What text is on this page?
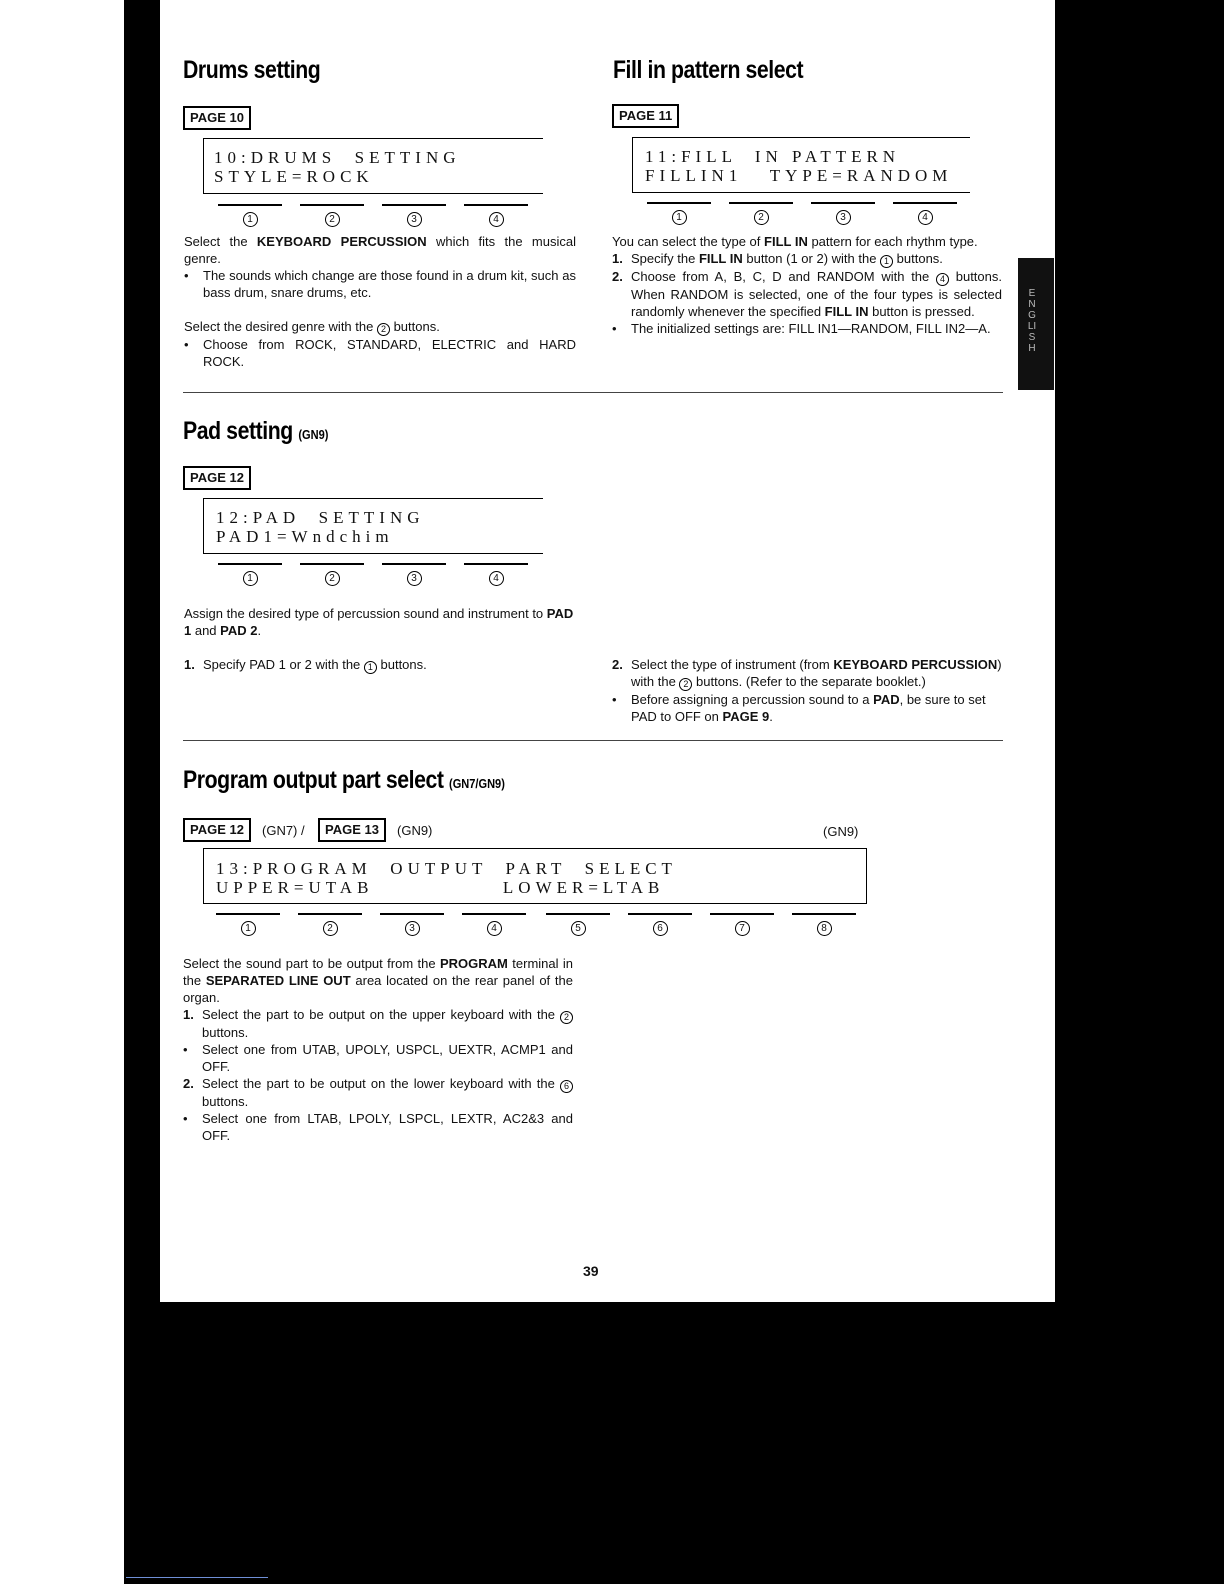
ENGLISH
Drums setting
PAGE 10
10:DRUMS  SETTING
STYLE=ROCK
1	2	3	4

Select the KEYBOARD PERCUSSION which fits the musical genre.

•	The sounds which change are those found in a drum kit, such as bass drum, snare drums, etc.

Select the desired genre with the 2 buttons.

•	Choose from ROCK, STANDARD, ELECTRIC and HARD ROCK.
Fill in pattern select
PAGE 11
11:FILL  IN PATTERN
FILLIN1   TYPE=RANDOM
1	2	3	4

You can select the type of FILL IN pattern for each rhythm type.

1. Specify the FILL IN button (1 or 2) with the 1 buttons.
2. Choose from A, B, C, D and RANDOM with the 4 buttons. When RANDOM is selected, one of the four types is selected randomly whenever the specified FILL IN button is pressed.
•	The initialized settings are: FILL IN1—RANDOM, FILL IN2—A.
Pad setting (GN9)
PAGE 12
12:PAD  SETTING
PAD1=Wndchim
1	2	3	4

Assign the desired type of percussion sound and instrument to PAD 1 and PAD 2.

1. Specify PAD 1 or 2 with the 1 buttons.	2. Select the type of instrument (from KEYBOARD PERCUSSION) with the 2 buttons. (Refer to the separate booklet.)
•	Before assigning a percussion sound to a PAD, be sure to set PAD to OFF on PAGE 9.
Program output part select (GN7/GN9)
PAGE 12	(GN7) /	PAGE 13	(GN9)	(GN9)
13:PROGRAM  OUTPUT  PART  SELECT
UPPER=UTAB              LOWER=LTAB
1	2	3	4	5	6	7	8

Select the sound part to be output from the PROGRAM terminal in the SEPARATED LINE OUT area located on the rear panel of the organ.

1. Select the part to be output on the upper keyboard with the 2 buttons.
•	Select one from UTAB, UPOLY, USPCL, UEXTR, ACMP1 and OFF.
2. Select the part to be output on the lower keyboard with the 6 buttons.
•	Select one from LTAB, LPOLY, LSPCL, LEXTR, AC2&3 and OFF.
39
